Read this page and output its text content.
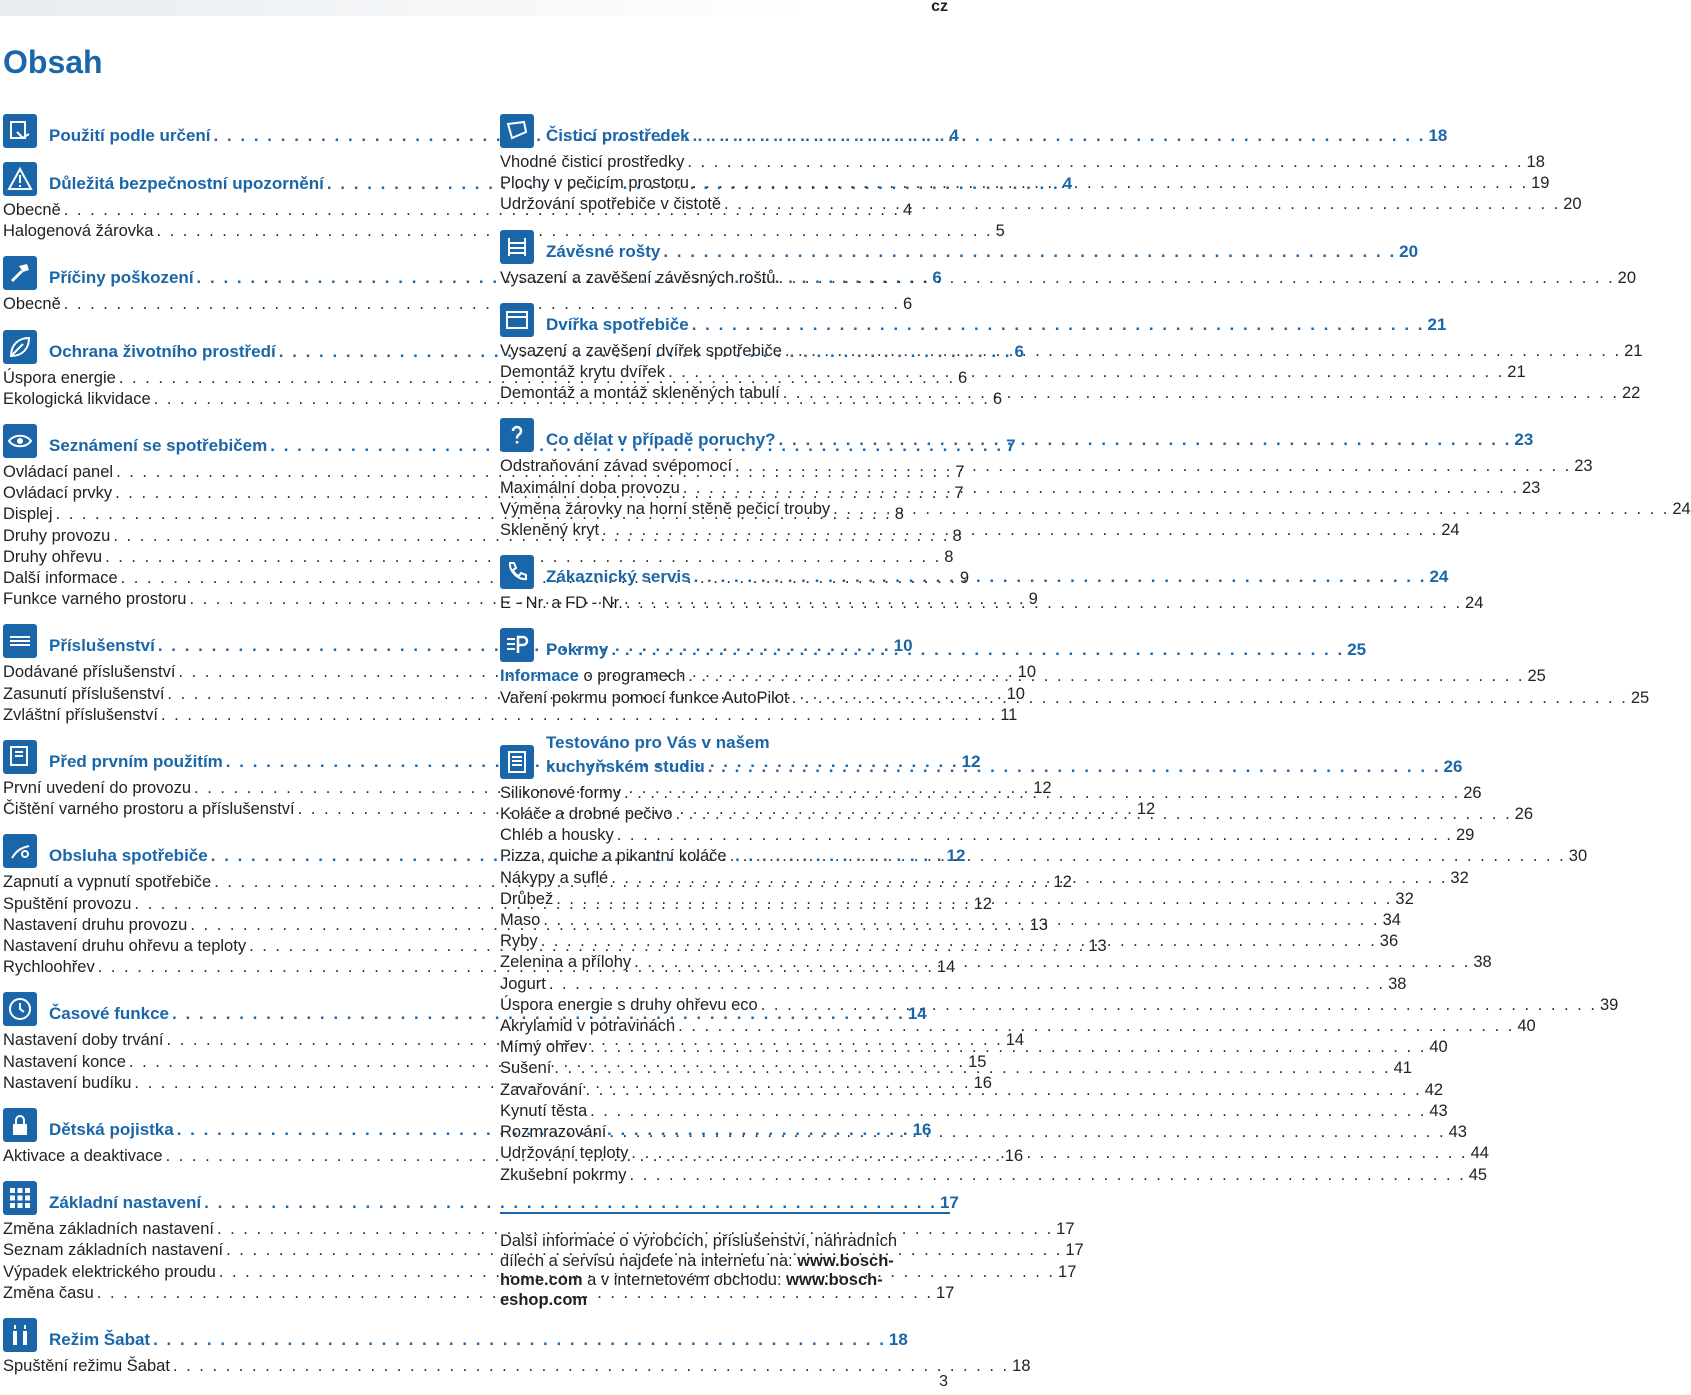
cz
Obsah
Použití podle určení . . .	4
Důležitá bezpečnostní upozornění . . .	4
Obecně . . .	4
Halogenová žárovka . . .	5
Příčiny poškození . . .	6
Obecně . . .	6
Ochrana životního prostředí . . .	6
Úspora energie . . .	6
Ekologická likvidace . . .	6
Seznámení se spotřebičem . . .	7
Ovládací panel . . .	7
Ovládací prvky . . .	7
Displej . . .	8
Druhy provozu . . .	8
Druhy ohřevu . . .	8
Další informace . . .	9
Funkce varného prostoru . . .	9
Příslušenství . . .	10
Dodávané příslušenství . . .	10
Zasunutí příslušenství . . .	10
Zvláštní příslušenství . . .	11
Před prvním použitím . . .	12
První uvedení do provozu . . .	12
Čištění varného prostoru a příslušenství . . .	12
Obsluha spotřebiče . . .	12
Zapnutí a vypnutí spotřebiče . . .	12
Spuštění provozu . . .	12
Nastavení druhu provozu . . .	13
Nastavení druhu ohřevu a teploty . . .	13
Rychloohřev . . .	14
Časové funkce . . .	14
Nastavení doby trvání . . .	14
Nastavení konce . . .	15
Nastavení budíku . . .	16
Dětská pojistka . . .	16
Aktivace a deaktivace . . .	16
Základní nastavení . . .	17
Změna základních nastavení . . .	17
Seznam základních nastavení . . .	17
Výpadek elektrického proudu . . .	17
Změna času . . .	17
Režim Šabat . . .	18
Spuštění režimu Šabat . . .	18
Čisticí prostředek . . .	18
Vhodné čisticí prostředky . . .	18
Plochy v pečicím prostoru . . .	19
Udržování spotřebiče v čistotě . . .	20
Závěsné rošty . . .	20
Vysazení a zavěšení závěsných roštů . . .	20
Dvířka spotřebiče . . .	21
Vysazení a zavěšení dvířek spotřebiče . . .	21
Demontáž krytu dvířek . . .	21
Demontáž a montáž skleněných tabulí . . .	22
Co dělat v případě poruchy? . . .	23
Odstraňování závad svépomocí . . .	23
Maximální doba provozu . . .	23
Výměna žárovky na horní stěně pečicí trouby . . .	24
Skleněný kryt . . .	24
Zákaznický servis . . .	24
E - Nr. a FD - Nr. . . .	24
Pokrmy . . .	25
Informace o programech . . .	25
Vaření pokrmu pomocí funkce AutoPilot . . .	25
Testováno pro Vás v našem
kuchyňském studiu . . .	26
Silikonové formy . . .	26
Koláče a drobné pečivo . . .	26
Chléb a housky . . .	29
Pizza, quiche a pikantní koláče . . .	30
Nákypy a suflé . . .	32
Drůbež . . .	32
Maso . . .	34
Ryby . . .	36
Zelenina a přílohy . . .	38
Jogurt . . .	38
Úspora energie s druhy ohřevu eco . . .	39
Akrylamid v potravinách . . .	40
Mírný ohřev . . .	40
Sušení . . .	41
Zavařování . . .	42
Kynutí těsta . . .	43
Rozmrazování . . .	43
Udržování teploty . . .	44
Zkušební pokrmy . . .	45
Další informace o výrobcích, příslušenství, náhradních dílech a servisu najdete na internetu na: www.bosch-home.com a v internetovém obchodu: www.bosch-eshop.com
3
